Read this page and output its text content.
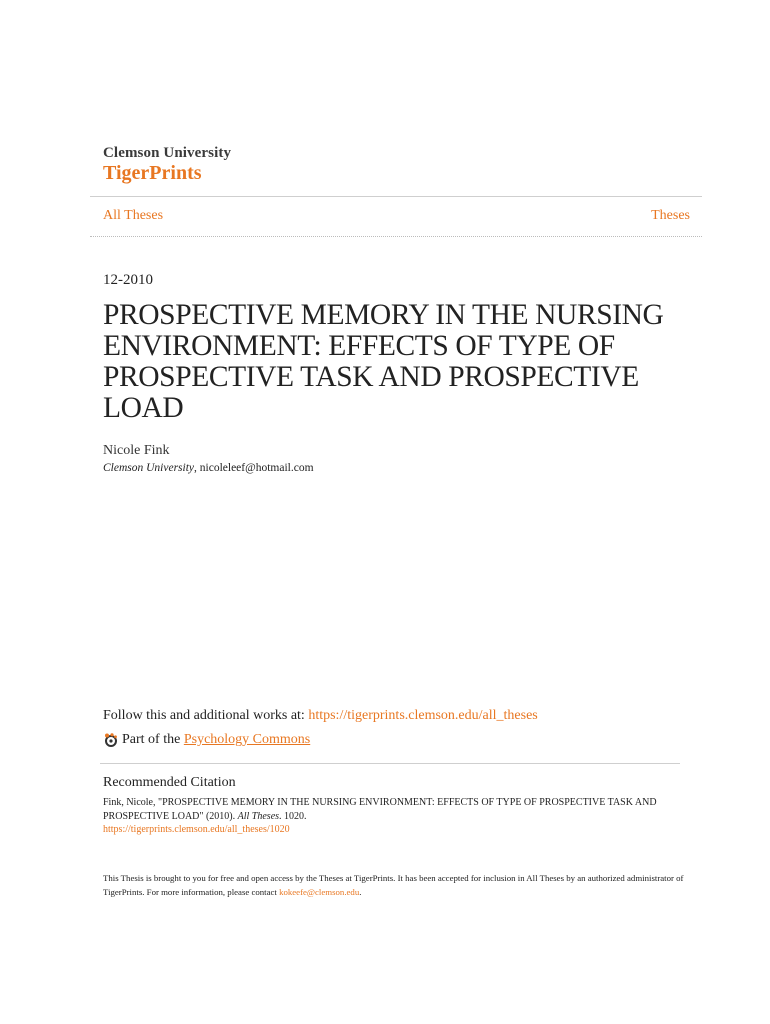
Clemson University
TigerPrints
All Theses	Theses
12-2010
PROSPECTIVE MEMORY IN THE NURSING ENVIRONMENT: EFFECTS OF TYPE OF PROSPECTIVE TASK AND PROSPECTIVE LOAD
Nicole Fink
Clemson University, nicoleleef@hotmail.com
Follow this and additional works at: https://tigerprints.clemson.edu/all_theses
Part of the Psychology Commons
Recommended Citation
Fink, Nicole, "PROSPECTIVE MEMORY IN THE NURSING ENVIRONMENT: EFFECTS OF TYPE OF PROSPECTIVE TASK AND PROSPECTIVE LOAD" (2010). All Theses. 1020.
https://tigerprints.clemson.edu/all_theses/1020
This Thesis is brought to you for free and open access by the Theses at TigerPrints. It has been accepted for inclusion in All Theses by an authorized administrator of TigerPrints. For more information, please contact kokeefe@clemson.edu.
